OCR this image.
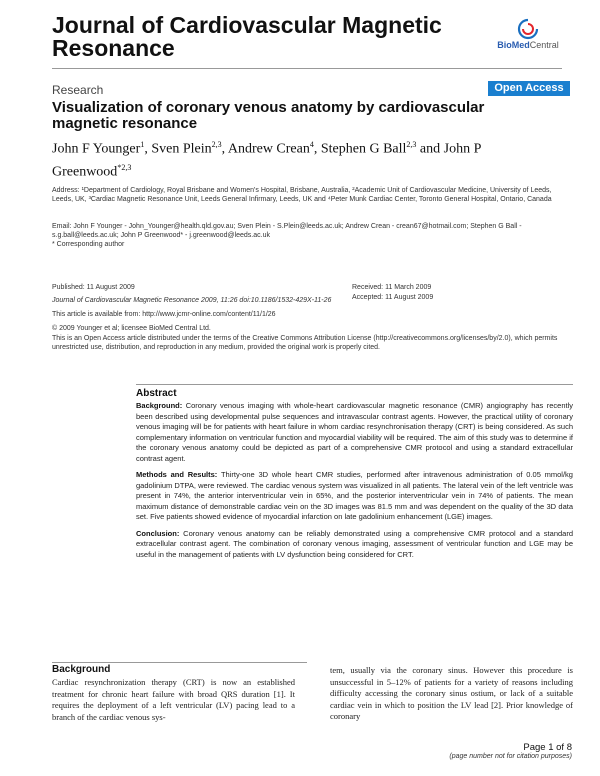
Journal of Cardiovascular Magnetic Resonance	BioMedCentral
Research	Open Access
Visualization of coronary venous anatomy by cardiovascular magnetic resonance
John F Younger$^1$, Sven Plein$^{2,3}$, Andrew Crean$^4$, Stephen G Ball$^{2,3}$ and John P Greenwood$^{*2,3}$
Address: ¹Department of Cardiology, Royal Brisbane and Women's Hospital, Brisbane, Australia, ²Academic Unit of Cardiovascular Medicine, University of Leeds, Leeds, UK, ³Cardiac Magnetic Resonance Unit, Leeds General Infirmary, Leeds, UK and ⁴Peter Munk Cardiac Center, Toronto General Hospital, Ontario, Canada
Email: John F Younger - John_Younger@health.qld.gov.au; Sven Plein - S.Plein@leeds.ac.uk; Andrew Crean - crean67@hotmail.com; Stephen G Ball - s.g.ball@leeds.ac.uk; John P Greenwood* - j.greenwood@leeds.ac.uk
* Corresponding author
Published: 11 August 2009
Journal of Cardiovascular Magnetic Resonance 2009, 11:26 doi:10.1186/1532-429X-11-26
Received: 11 March 2009
Accepted: 11 August 2009
This article is available from: http://www.jcmr-online.com/content/11/1/26
© 2009 Younger et al; licensee BioMed Central Ltd.
This is an Open Access article distributed under the terms of the Creative Commons Attribution License (http://creativecommons.org/licenses/by/2.0), which permits unrestricted use, distribution, and reproduction in any medium, provided the original work is properly cited.
Abstract

Background: Coronary venous imaging with whole-heart cardiovascular magnetic resonance (CMR) angiography has recently been described using developmental pulse sequences and intravascular contrast agents. However, the practical utility of coronary venous imaging will be for patients with heart failure in whom cardiac resynchronisation therapy (CRT) is being considered. As such complementary information on ventricular function and myocardial viability will be required. The aim of this study was to determine if the coronary venous anatomy could be depicted as part of a comprehensive CMR protocol and using a standard extracellular contrast agent.

Methods and Results: Thirty-one 3D whole heart CMR studies, performed after intravenous administration of 0.05 mmol/kg gadolinium DTPA, were reviewed. The cardiac venous system was visualized in all patients. The lateral vein of the left ventricle was present in 74%, the anterior interventricular vein in 65%, and the posterior interventricular vein in 74% of patients. The mean maximum distance of demonstrable cardiac vein on the 3D images was 81.5 mm and was dependent on the quality of the 3D data set. Five patients showed evidence of myocardial infarction on late gadolinium enhancement (LGE) images.

Conclusion: Coronary venous anatomy can be reliably demonstrated using a comprehensive CMR protocol and a standard extracellular contrast agent. The combination of coronary venous imaging, assessment of ventricular function and LGE may be useful in the management of patients with LV dysfunction being considered for CRT.

Background
Cardiac resynchronization therapy (CRT) is now an established treatment for chronic heart failure with broad QRS duration [1]. It requires the deployment of a left ventricular (LV) pacing lead to a branch of the cardiac venous sys-
tem, usually via the coronary sinus. However this procedure is unsuccessful in 5–12% of patients for a variety of reasons including difficulty accessing the coronary sinus ostium, or lack of a suitable cardiac vein in which to position the LV lead [2]. Prior knowledge of coronary
Page 1 of 8
(page number not for citation purposes)
